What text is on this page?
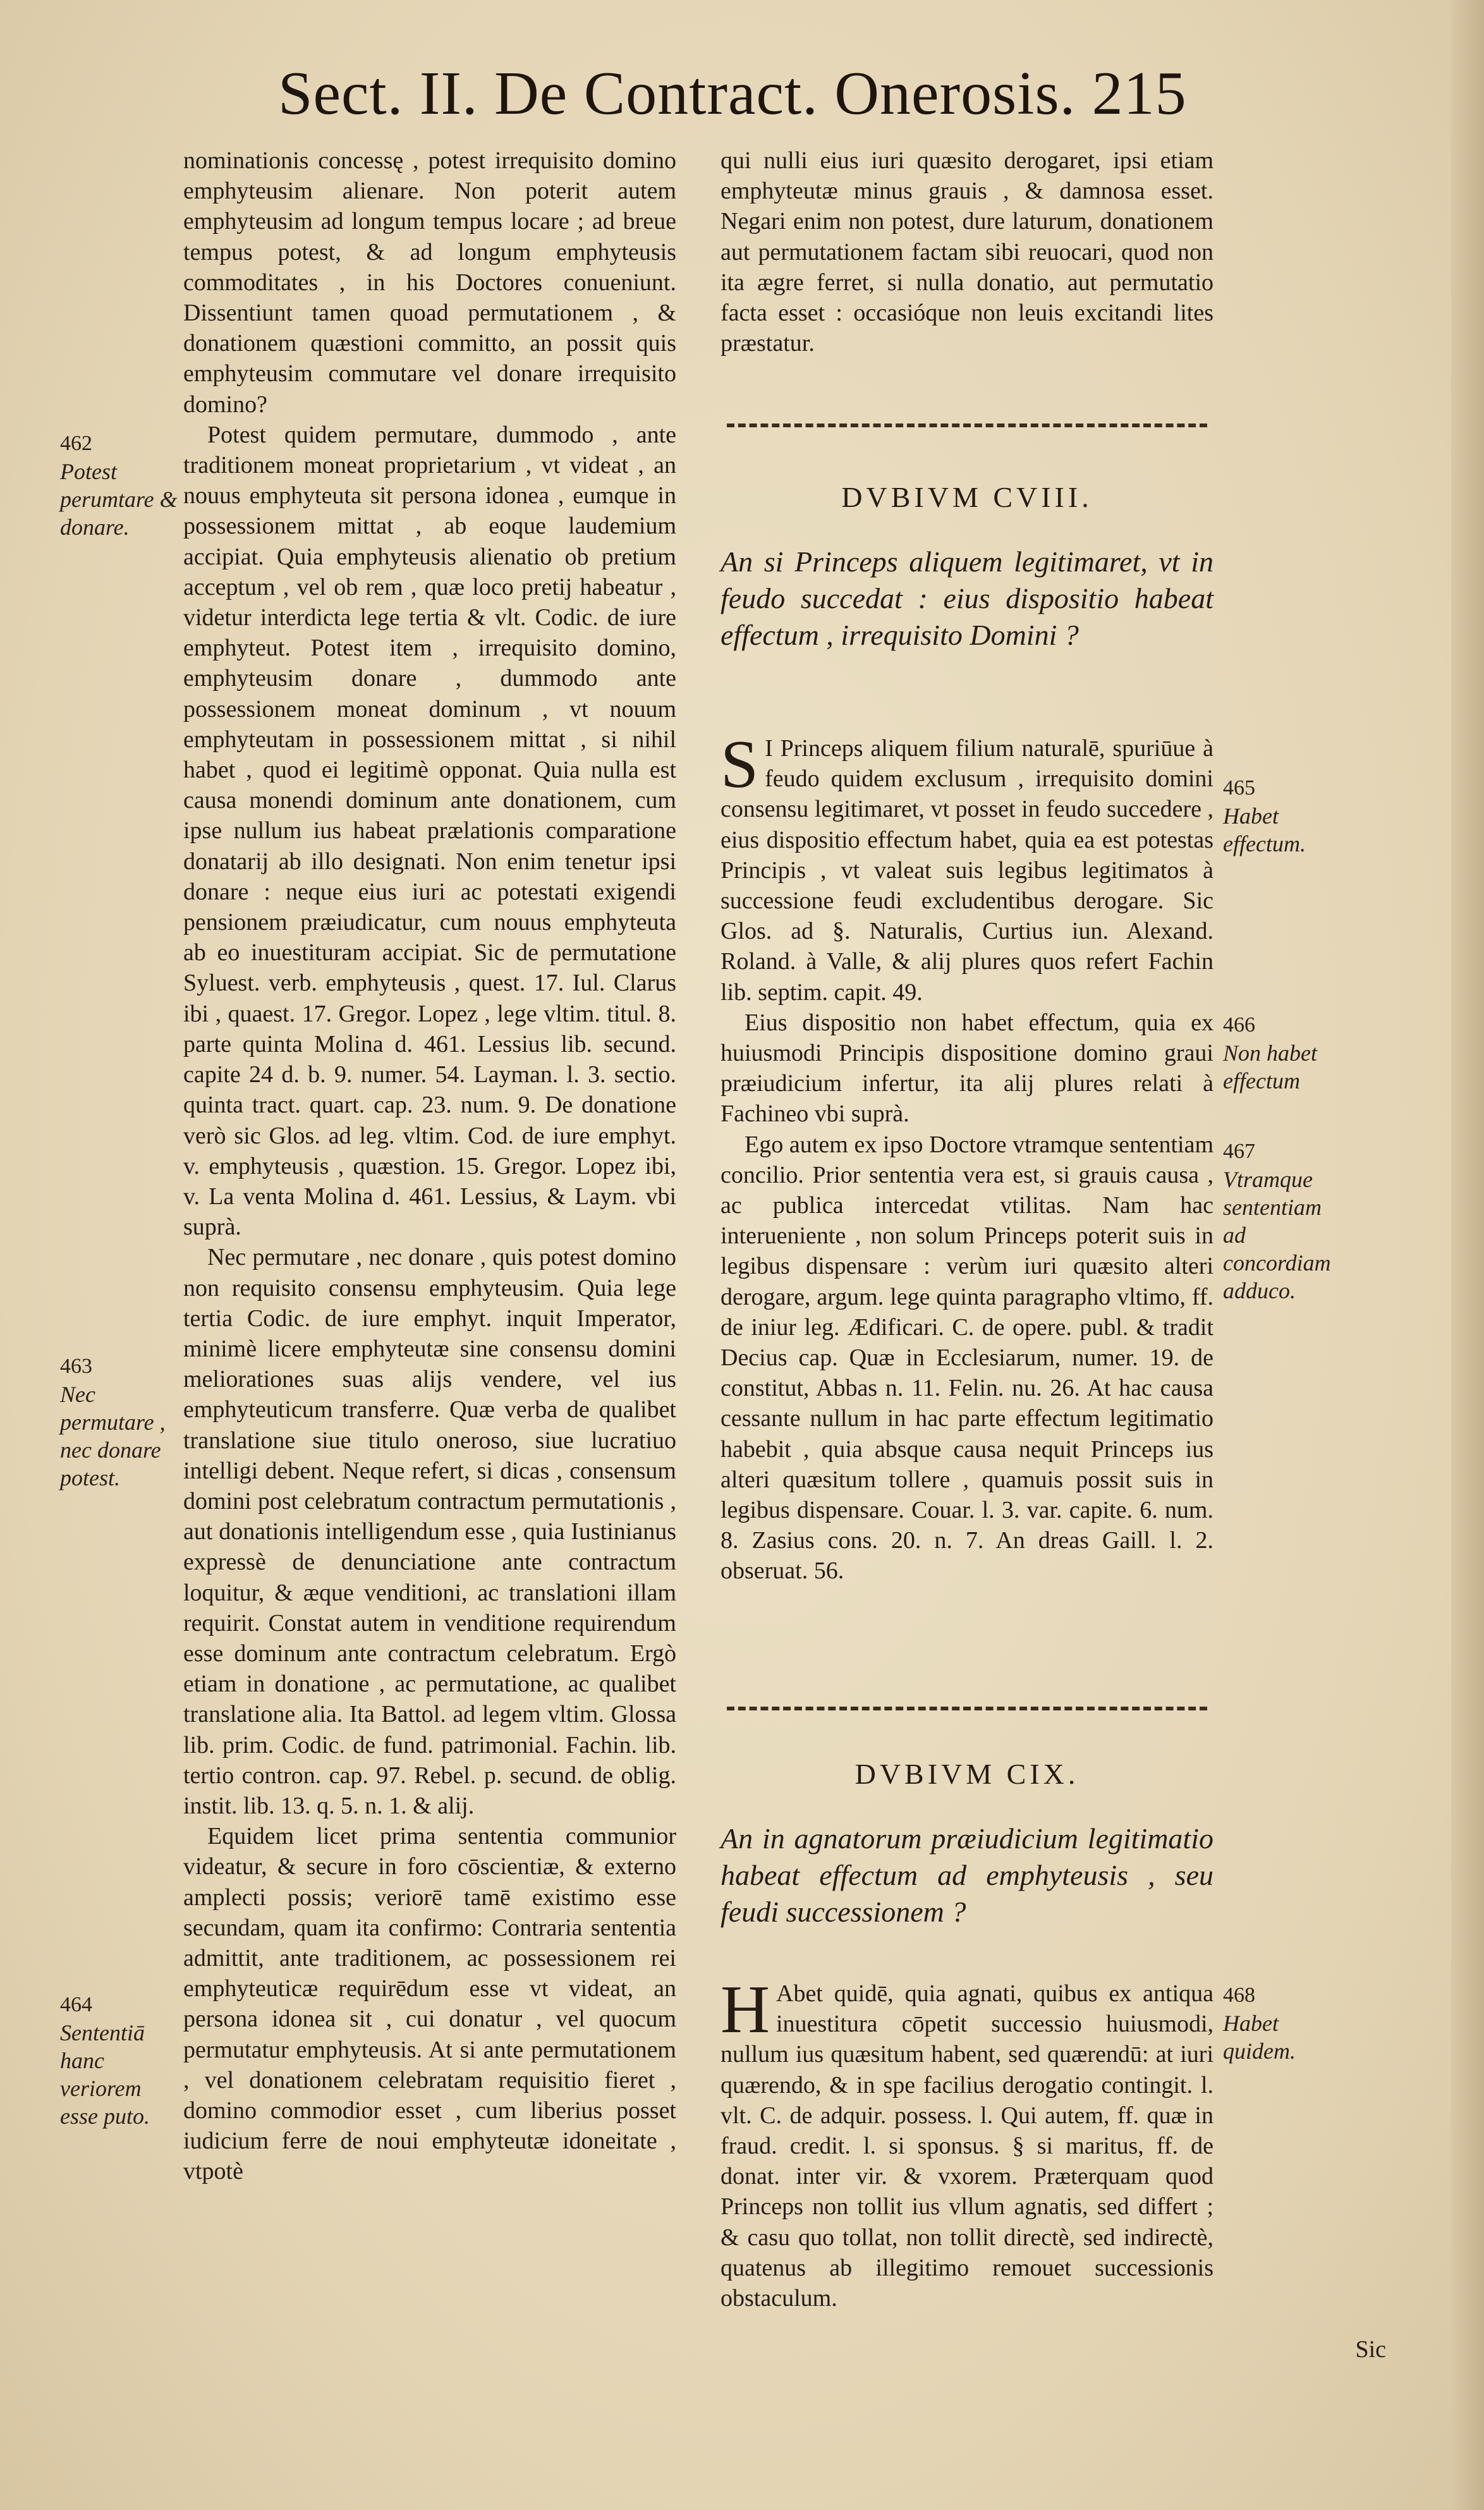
Sect. II. De Contract. Onerosis. 215

nominationis concessę , potest irrequisito domino emphyteusim alienare. Non poterit autem emphyteusim ad longum tempus locare ; ad breue tempus potest, & ad longum emphyteusis commoditates , in his Doctores conueniunt. Dissentiunt tamen quoad permutationem , & donationem quæstioni committo, an possit quis emphyteusim commutare vel donare irrequisito domino?

Potest quidem permutare, dummodo , ante traditionem moneat proprietarium , vt videat , an nouus emphyteuta sit persona idonea , eumque in possessionem mittat , ab eoque laudemium accipiat. Quia emphyteusis alienatio ob pretium acceptum , vel ob rem , quæ loco pretij habeatur , videtur interdicta lege tertia & vlt. Codic. de iure emphyteut. Potest item , irrequisito domino, emphyteusim donare , dummodo ante possessionem moneat dominum , vt nouum emphyteutam in possessionem mittat , si nihil habet , quod ei legitimè opponat. Quia nulla est causa monendi dominum ante donationem, cum ipse nullum ius habeat prælationis comparatione donatarij ab illo designati. Non enim tenetur ipsi donare : neque eius iuri ac potestati exigendi pensionem præiudicatur, cum nouus emphyteuta ab eo inuestituram accipiat. Sic de permutatione Syluest. verb. emphyteusis , quest. 17. Iul. Clarus ibi , quaest. 17. Gregor. Lopez , lege vltim. titul. 8. parte quinta Molina d. 461. Lessius lib. secund. capite 24 d. b. 9. numer. 54. Layman. l. 3. sectio. quinta tract. quart. cap. 23. num. 9. De donatione verò sic Glos. ad leg. vltim. Cod. de iure emphyt. v. emphyteusis , quæstion. 15. Gregor. Lopez ibi, v. La venta Molina d. 461. Lessius, & Laym. vbi suprà.

Nec permutare , nec donare , quis potest domino non requisito consensu emphyteusim. Quia lege tertia Codic. de iure emphyt. inquit Imperator, minimè licere emphyteutæ sine consensu domini meliorationes suas alijs vendere, vel ius emphyteuticum transferre. Quæ verba de qualibet translatione siue titulo oneroso, siue lucratiuo intelligi debent. Neque refert, si dicas , consensum domini post celebratum contractum permutationis , aut donationis intelligendum esse , quia Iustinianus expressè de denunciatione ante contractum loquitur, & æque venditioni, ac translationi illam requirit. Constat autem in venditione requirendum esse dominum ante contractum celebratum. Ergò etiam in donatione , ac permutatione, ac qualibet translatione alia. Ita Battol. ad legem vltim. Glossa lib. prim. Codic. de fund. patrimonial. Fachin. lib. tertio contron. cap. 97. Rebel. p. secund. de oblig. instit. lib. 13. q. 5. n. 1. & alij.

Equidem licet prima sententia communior videatur, & secure in foro cōscientiæ, & externo amplecti possis; veriorē tamē existimo esse secundam, quam ita confirmo: Contraria sententia admittit, ante traditionem, ac possessionem rei emphyteuticæ requirēdum esse vt videat, an persona idonea sit , cui donatur , vel quocum permutatur emphyteusis. At si ante permutationem , vel donationem celebratam requisitio fieret , domino commodior esset , cum liberius posset iudicium ferre de noui emphyteutæ idoneitate , vtpotè

462
Potest perumtare & donare.
463
Nec permutare , nec donare potest.
464
Sententiā hanc veriorem esse puto.

qui nulli eius iuri quæsito derogaret, ipsi etiam emphyteutæ minus grauis , & damnosa esset. Negari enim non potest, dure laturum, donationem aut permutationem factam sibi reuocari, quod non ita ægre ferret, si nulla donatio, aut permutatio facta esset : occasióque non leuis excitandi lites præstatur.

DVBIVM CVIII.
An si Princeps aliquem legitimaret, vt in feudo succedat : eius dispositio habeat effectum , irrequisito Domini ?

S I Princeps aliquem filium naturalē, spuriūue à feudo quidem exclusum , irrequisito domini consensu legitimaret, vt posset in feudo succedere , eius dispositio effectum habet, quia ea est potestas Principis , vt valeat suis legibus legitimatos à successione feudi excludentibus derogare. Sic Glos. ad §. Naturalis, Curtius iun. Alexand. Roland. à Valle, & alij plures quos refert Fachin lib. septim. capit. 49.

Eius dispositio non habet effectum, quia ex huiusmodi Principis dispositione domino graui præiudicium infertur, ita alij plures relati à Fachineo vbi suprà.

Ego autem ex ipso Doctore vtramque sententiam concilio. Prior sententia vera est, si grauis causa , ac publica intercedat vtilitas. Nam hac interueniente , non solum Princeps poterit suis in legibus dispensare : verùm iuri quæsito alteri derogare, argum. lege quinta paragrapho vltimo, ff. de iniur leg. Ædificari. C. de opere. publ. & tradit Decius cap. Quæ in Ecclesiarum, numer. 19. de constitut, Abbas n. 11. Felin. nu. 26. At hac causa cessante nullum in hac parte effectum legitimatio habebit , quia absque causa nequit Princeps ius alteri quæsitum tollere , quamuis possit suis in legibus dispensare. Couar. l. 3. var. capite. 6. num. 8. Zasius cons. 20. n. 7. An dreas Gaill. l. 2. obseruat. 56.

465
Habet effectum.
466
Non habet effectum
467
Vtramque sententiam ad concordiam adduco.
DVBIVM CIX.
An in agnatorum præiudicium legitimatio habeat effectum ad emphyteusis , seu feudi successionem ?

H Abet quidē, quia agnati, quibus ex antiqua inuestitura cōpetit successio huiusmodi, nullum ius quæsitum habent, sed quærendū: at iuri quærendo, & in spe facilius derogatio contingit. l. vlt. C. de adquir. possess. l. Qui autem, ff. quæ in fraud. credit. l. si sponsus. § si maritus, ff. de donat. inter vir. & vxorem. Præterquam quod Princeps non tollit ius vllum agnatis, sed differt ; & casu quo tollat, non tollit directè, sed indirectè, quatenus ab illegitimo remouet successionis obstaculum.

468
Habet quidem.
Sic
